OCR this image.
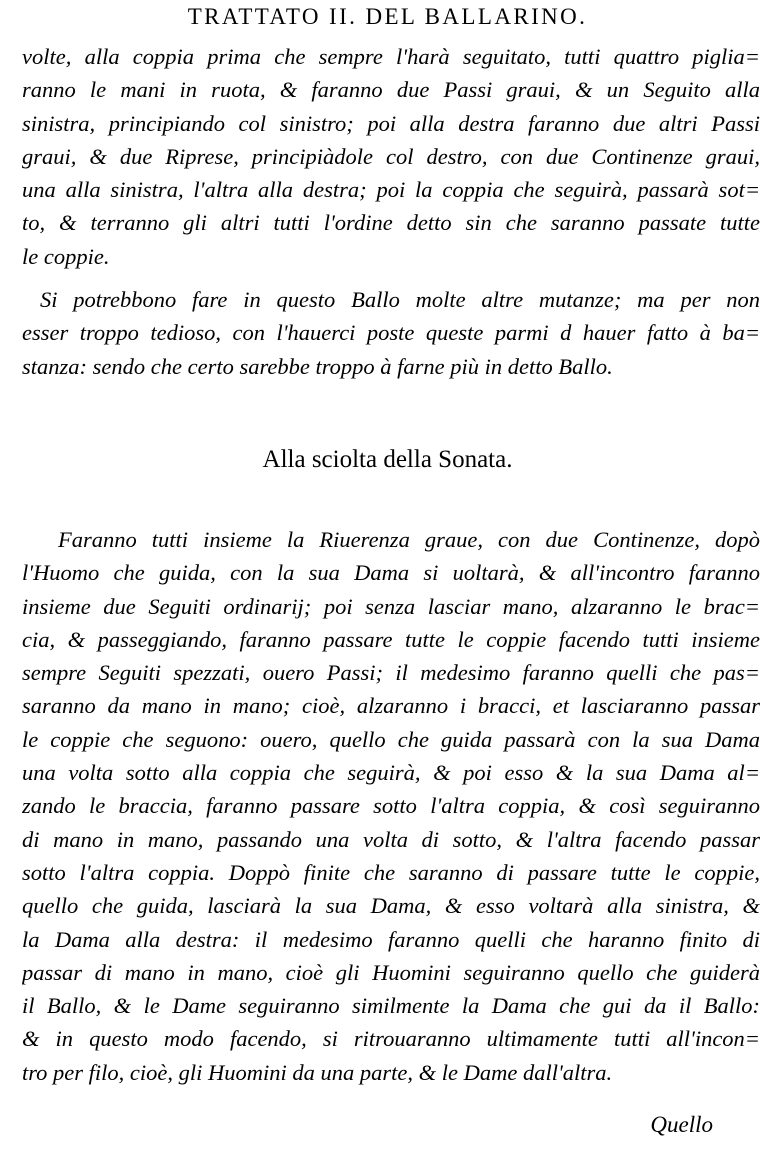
TRATTATO II. DEL BALLARINO.
volte, alla coppia prima che sempre l'harà seguitato, tutti quattro piglia=
ranno le mani in ruota, & faranno due Passi graui, & un Seguito alla
sinistra, principiando col sinistro; poi alla destra faranno due altri Passi
graui, & due Riprese, principiàdole col destro, con due Continenze graui,
una alla sinistra, l'altra alla destra; poi la coppia che seguirà, passarà sot=
to, & terranno gli altri tutti l'ordine detto sin che saranno passate tutte
le coppie.
Si potrebbono fare in questo Ballo molte altre mutanze; ma per non
esser troppo tedioso, con l'hauerci poste queste parmi d hauer fatto à ba=
stanza: sendo che certo sarebbe troppo à farne più in detto Ballo.
Alla sciolta della Sonata.
Faranno tutti insieme la Riuerenza graue, con due Continenze, dopò
l'Huomo che guida, con la sua Dama si uoltarà, & all'incontro faranno
insieme due Seguiti ordinarij; poi senza lasciar mano, alzaranno le brac=
cia, & passeggiando, faranno passare tutte le coppie facendo tutti insieme
sempre Seguiti spezzati, ouero Passi; il medesimo faranno quelli che pas=
saranno da mano in mano; cioè, alzaranno i bracci, et lasciaranno passar
le coppie che seguono: ouero, quello che guida passarà con la sua Dama
una volta sotto alla coppia che seguirà, & poi esso & la sua Dama al=
zando le braccia, faranno passare sotto l'altra coppia, & così seguiranno
di mano in mano, passando una volta di sotto, & l'altra facendo passar
sotto l'altra coppia. Doppò finite che saranno di passare tutte le coppie,
quello che guida, lasciarà la sua Dama, & esso voltarà alla sinistra, &
la Dama alla destra: il medesimo faranno quelli che haranno finito di
passar di mano in mano, cioè gli Huomini seguiranno quello che guiderà
il Ballo, & le Dame seguiranno similmente la Dama che gui da il Ballo:
& in questo modo facendo, si ritrouaranno ultimamente tutti all'incon=
tro per filo, cioè, gli Huomini da una parte, & le Dame dall'altra.
Quello
